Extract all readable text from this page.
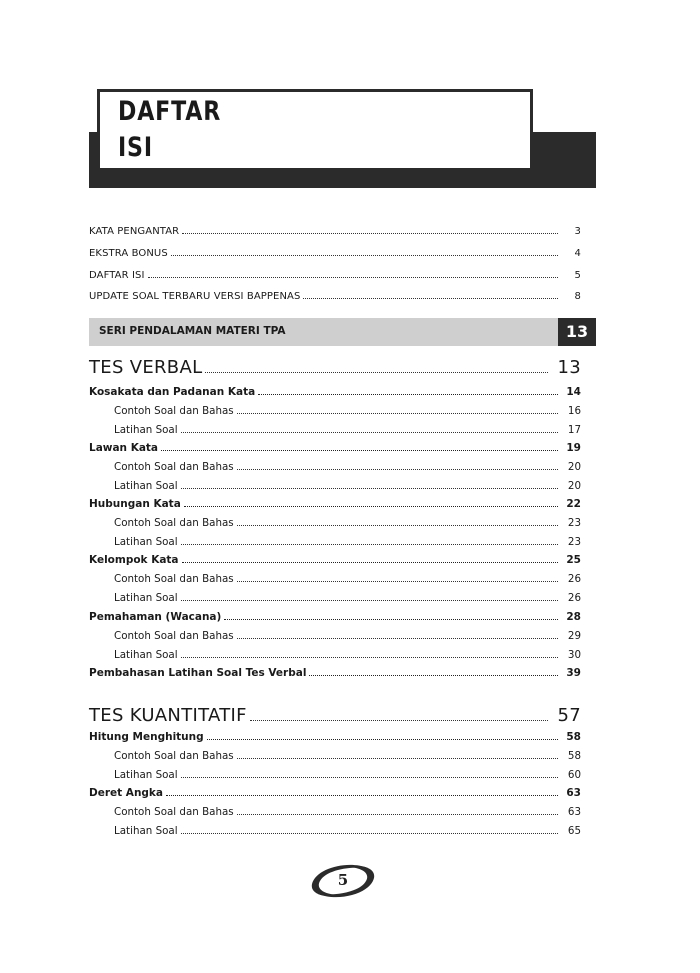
DAFTAR
ISI
KATA PENGANTAR	3
EKSTRA BONUS	4
DAFTAR ISI	5
UPDATE SOAL TERBARU VERSI BAPPENAS	8
SERI PENDALAMAN MATERI TPA	13
TES VERBAL	13
Kosakata dan Padanan Kata	14
Contoh Soal dan Bahas	16
Latihan Soal	17
Lawan Kata	19
Contoh Soal dan Bahas	20
Latihan Soal	20
Hubungan Kata	22
Contoh Soal dan Bahas	23
Latihan Soal	23
Kelompok Kata	25
Contoh Soal dan Bahas	26
Latihan Soal	26
Pemahaman (Wacana)	28
Contoh Soal dan Bahas	29
Latihan Soal	30
Pembahasan Latihan Soal Tes Verbal	39
TES KUANTITATIF	57
Hitung Menghitung	58
Contoh Soal dan Bahas	58
Latihan Soal	60
Deret Angka	63
Contoh Soal dan Bahas	63
Latihan Soal	65
5
